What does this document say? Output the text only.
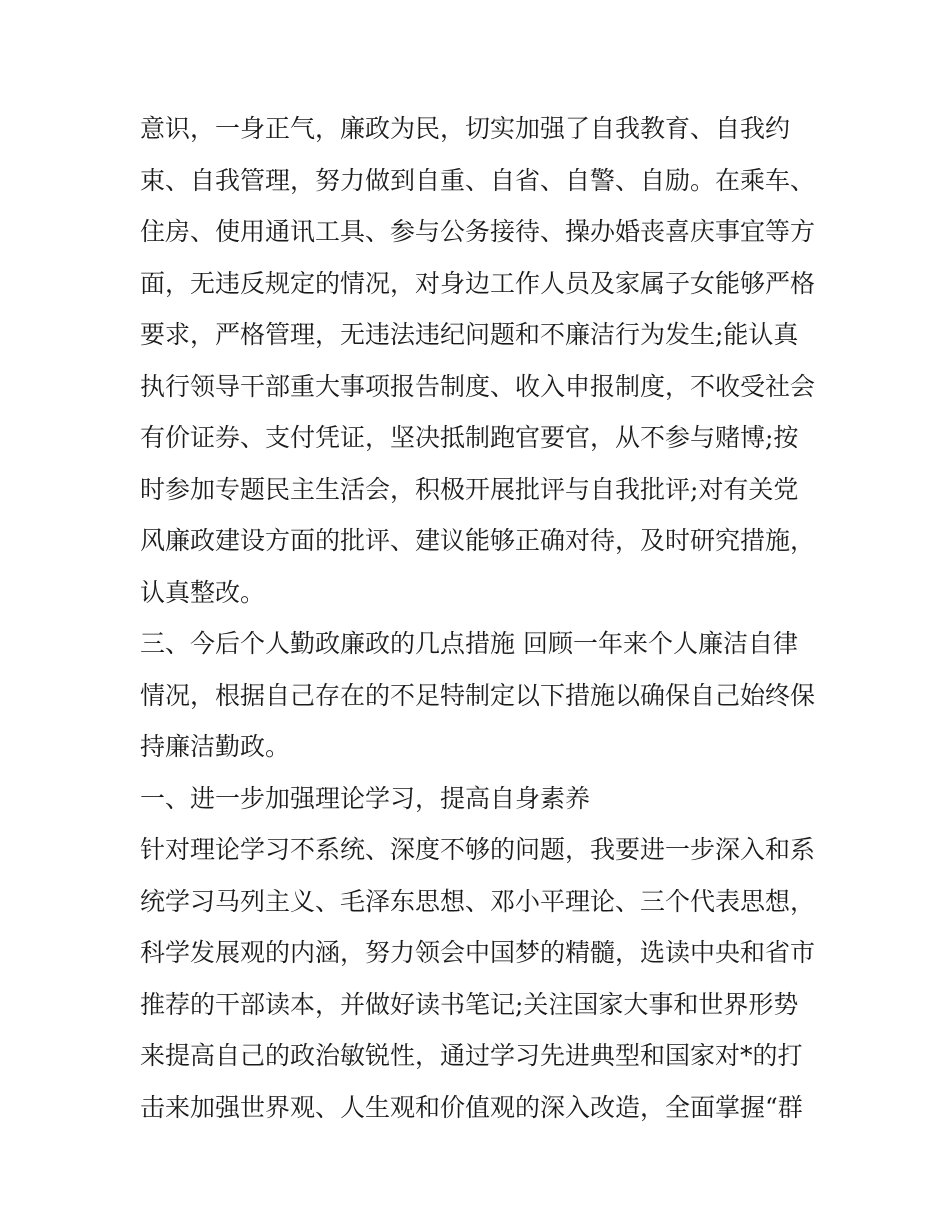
意识，一身正气，廉政为民，切实加强了自我教育、自我约
束、自我管理，努力做到自重、自省、自警、自励。在乘车、
住房、使用通讯工具、参与公务接待、操办婚丧喜庆事宜等方
面，无违反规定的情况，对身边工作人员及家属子女能够严格
要求，严格管理，无违法违纪问题和不廉洁行为发生;能认真
执行领导干部重大事项报告制度、收入申报制度，不收受社会
有价证券、支付凭证，坚决抵制跑官要官，从不参与赌博;按
时参加专题民主生活会，积极开展批评与自我批评;对有关党
风廉政建设方面的批评、建议能够正确对待，及时研究措施，
认真整改。
三、今后个人勤政廉政的几点措施 回顾一年来个人廉洁自律
情况，根据自己存在的不足特制定以下措施以确保自己始终保
持廉洁勤政。
一、进一步加强理论学习，提高自身素养
针对理论学习不系统、深度不够的问题，我要进一步深入和系
统学习马列主义、毛泽东思想、邓小平理论、三个代表思想，
科学发展观的内涵，努力领会中国梦的精髓，选读中央和省市
推荐的干部读本，并做好读书笔记;关注国家大事和世界形势
来提高自己的政治敏锐性，通过学习先进典型和国家对*的打
击来加强世界观、人生观和价值观的深入改造，全面掌握“群
